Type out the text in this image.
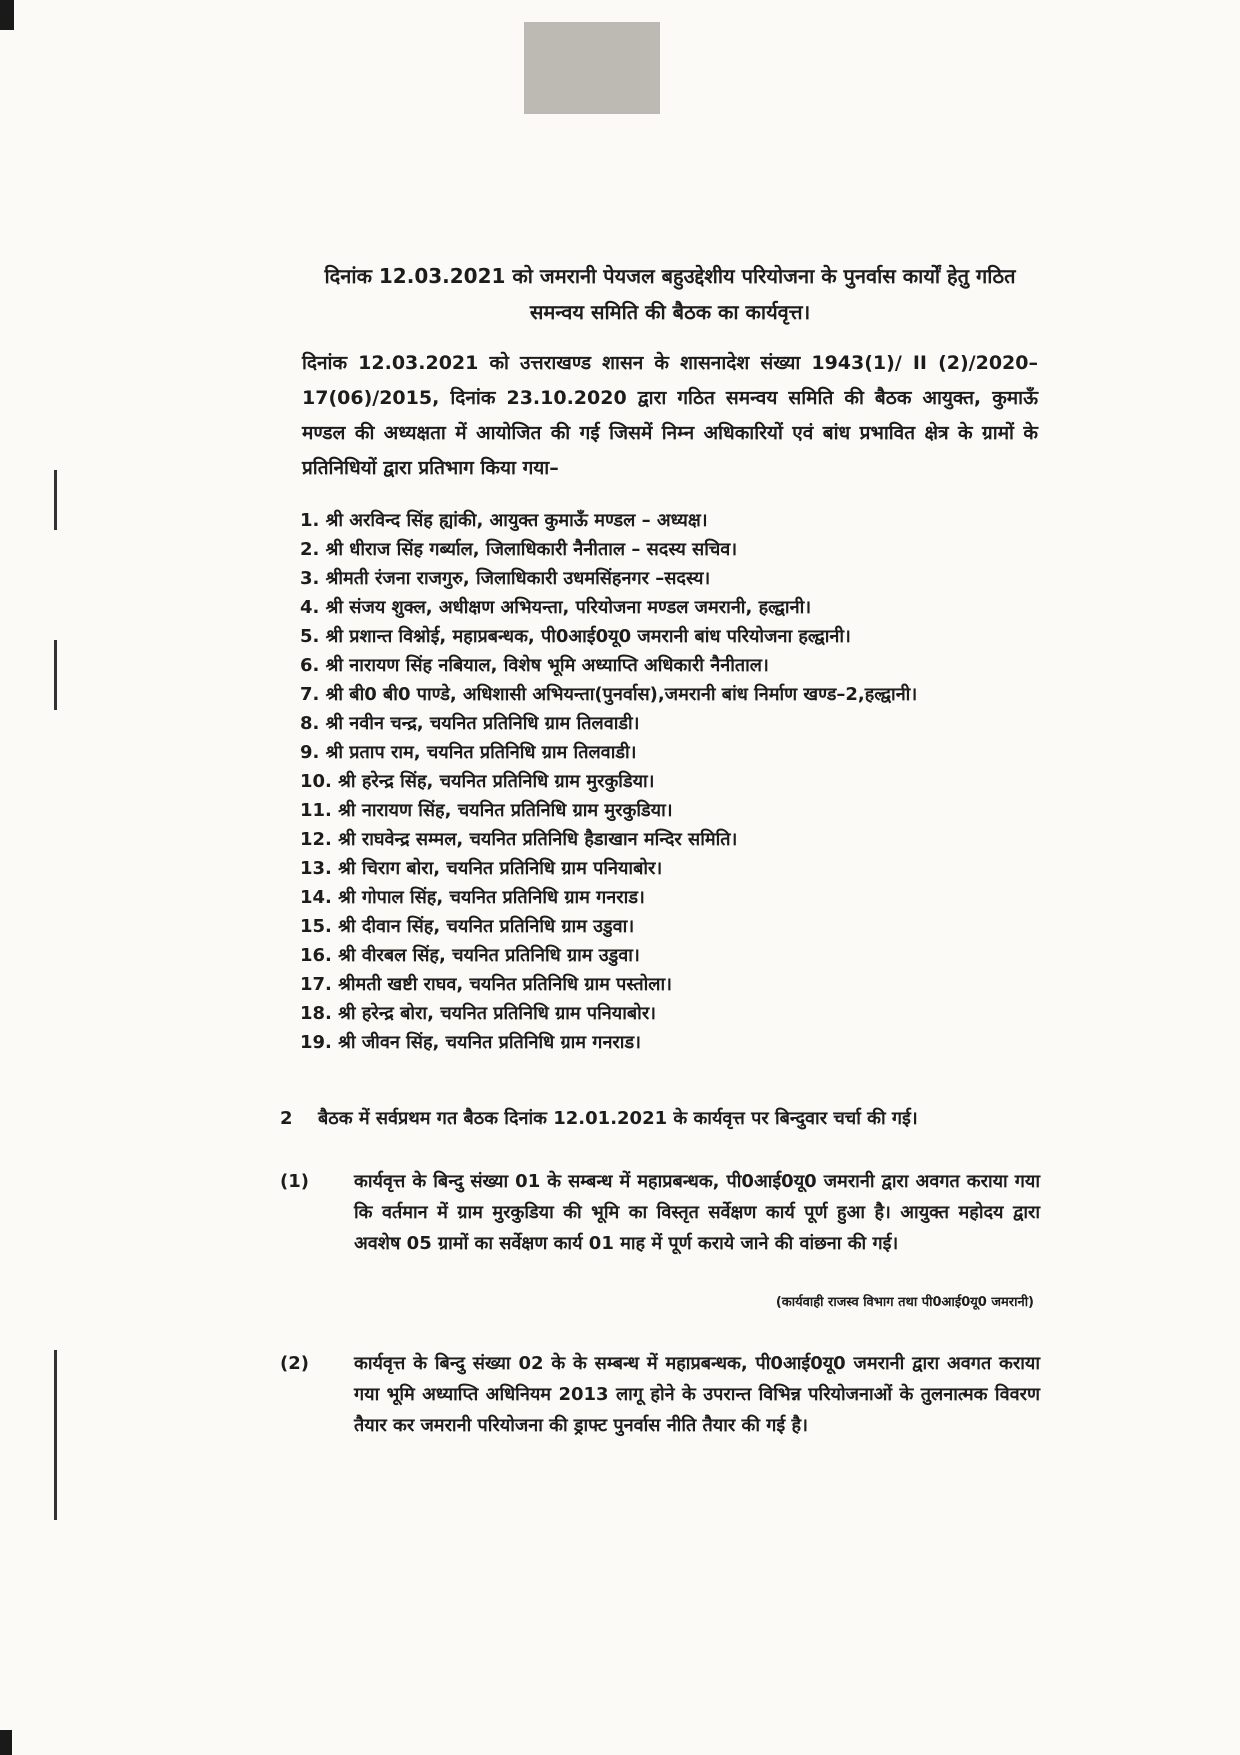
दिनांक 12.03.2021 को जमरानी पेयजल बहुउद्देशीय परियोजना के पुनर्वास कार्यों हेतु गठित समन्वय समिति की बैठक का कार्यवृत्त।
दिनांक 12.03.2021 को उत्तराखण्ड शासन के शासनादेश संख्या 1943(1)/ II (2)/2020–17(06)/2015, दिनांक 23.10.2020 द्वारा गठित समन्वय समिति की बैठक आयुक्त, कुमाऊँ मण्डल की अध्यक्षता में आयोजित की गई जिसमें निम्न अधिकारियों एवं बांध प्रभावित क्षेत्र के ग्रामों के प्रतिनिधियों द्वारा प्रतिभाग किया गया–
1. श्री अरविन्द सिंह ह्यांकी, आयुक्त कुमाऊँ मण्डल – अध्यक्ष।
2. श्री धीराज सिंह गर्ब्याल, जिलाधिकारी नैनीताल – सदस्य सचिव।
3. श्रीमती रंजना राजगुरु, जिलाधिकारी उधमसिंहनगर –सदस्य।
4. श्री संजय शुक्ल, अधीक्षण अभियन्ता, परियोजना मण्डल जमरानी, हल्द्वानी।
5. श्री प्रशान्त विश्नोई, महाप्रबन्धक, पी0आई0यू0 जमरानी बांध परियोजना हल्द्वानी।
6. श्री नारायण सिंह नबियाल, विशेष भूमि अध्याप्ति अधिकारी नैनीताल।
7. श्री बी0 बी0 पाण्डे, अधिशासी अभियन्ता(पुनर्वास),जमरानी बांध निर्माण खण्ड–2,हल्द्वानी।
8. श्री नवीन चन्द्र, चयनित प्रतिनिधि ग्राम तिलवाडी।
9. श्री प्रताप राम, चयनित प्रतिनिधि ग्राम तिलवाडी।
10. श्री हरेन्द्र सिंह, चयनित प्रतिनिधि ग्राम मुरकुडिया।
11. श्री नारायण सिंह, चयनित प्रतिनिधि ग्राम मुरकुडिया।
12. श्री राघवेन्द्र सम्मल, चयनित प्रतिनिधि हैडाखान मन्दिर समिति।
13. श्री चिराग बोरा, चयनित प्रतिनिधि ग्राम पनियाबोर।
14. श्री गोपाल सिंह, चयनित प्रतिनिधि ग्राम गनराड।
15. श्री दीवान सिंह, चयनित प्रतिनिधि ग्राम उडुवा।
16. श्री वीरबल सिंह, चयनित प्रतिनिधि ग्राम उडुवा।
17. श्रीमती खष्टी राघव, चयनित प्रतिनिधि ग्राम पस्तोला।
18. श्री हरेन्द्र बोरा, चयनित प्रतिनिधि ग्राम पनियाबोर।
19. श्री जीवन सिंह, चयनित प्रतिनिधि ग्राम गनराड।
2 बैठक में सर्वप्रथम गत बैठक दिनांक 12.01.2021 के कार्यवृत्त पर बिन्दुवार चर्चा की गई।
(1)	कार्यवृत्त के बिन्दु संख्या 01 के सम्बन्ध में महाप्रबन्धक, पी0आई0यू0 जमरानी द्वारा अवगत कराया गया कि वर्तमान में ग्राम मुरकुडिया की भूमि का विस्तृत सर्वेक्षण कार्य पूर्ण हुआ है। आयुक्त महोदय द्वारा अवशेष 05 ग्रामों का सर्वेक्षण कार्य 01 माह में पूर्ण कराये जाने की वांछना की गई।
(कार्यवाही राजस्व विभाग तथा पी0आई0यू0 जमरानी)
(2)	कार्यवृत्त के बिन्दु संख्या 02 के के सम्बन्ध में महाप्रबन्धक, पी0आई0यू0 जमरानी द्वारा अवगत कराया गया भूमि अध्याप्ति अधिनियम 2013 लागू होने के उपरान्त विभिन्न परियोजनाओं के तुलनात्मक विवरण तैयार कर जमरानी परियोजना की ड्राफ्ट पुनर्वास नीति तैयार की गई है।
